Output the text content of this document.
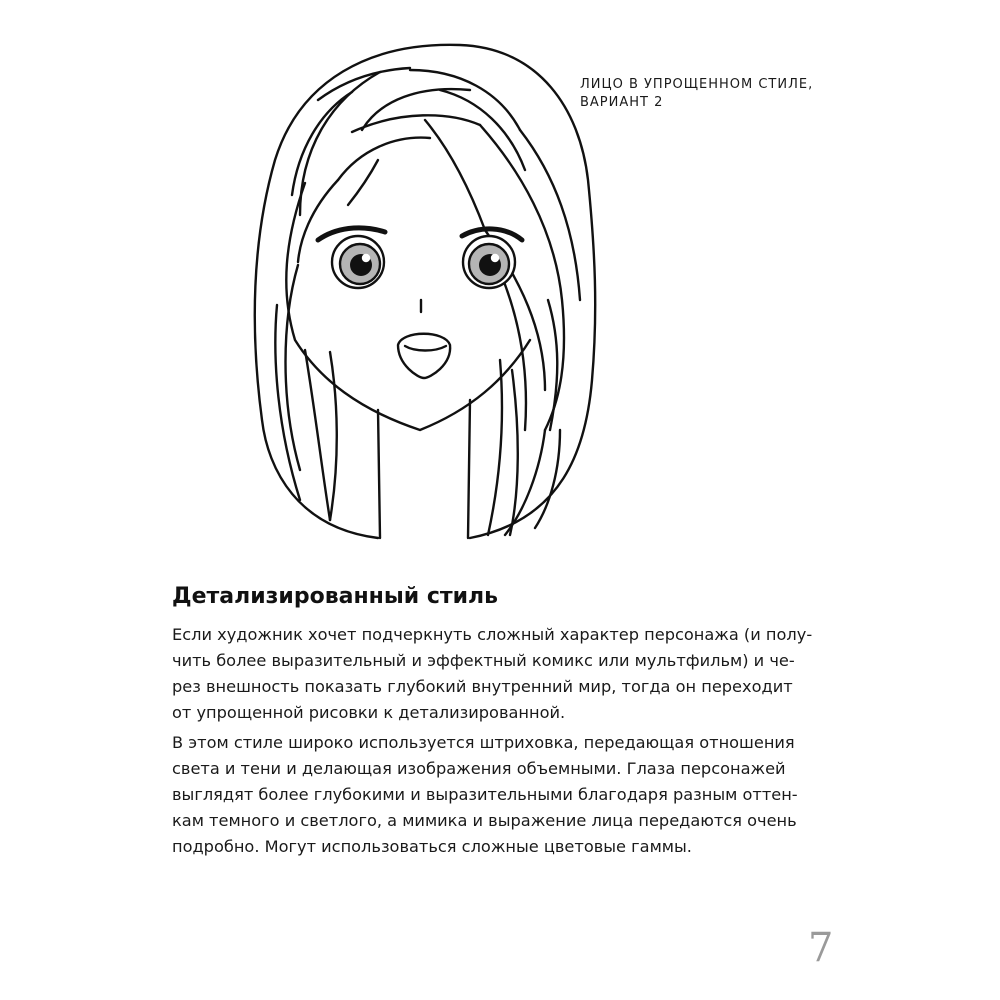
ЛИЦО В УПРОЩЕННОМ СТИЛЕ,
ВАРИАНТ 2
Детализированный стиль

Если художник хочет подчеркнуть сложный характер персонажа (и полу-
чить более выразительный и эффектный комикс или мультфильм) и че-
рез внешность показать глубокий внутренний мир, тогда он переходит
от упрощенной рисовки к детализированной.

В этом стиле широко используется штриховка, передающая отношения
света и тени и делающая изображения объемными. Глаза персонажей
выглядят более глубокими и выразительными благодаря разным оттен-
кам темного и светлого, а мимика и выражение лица передаются очень
подробно. Могут использоваться сложные цветовые гаммы.

7
